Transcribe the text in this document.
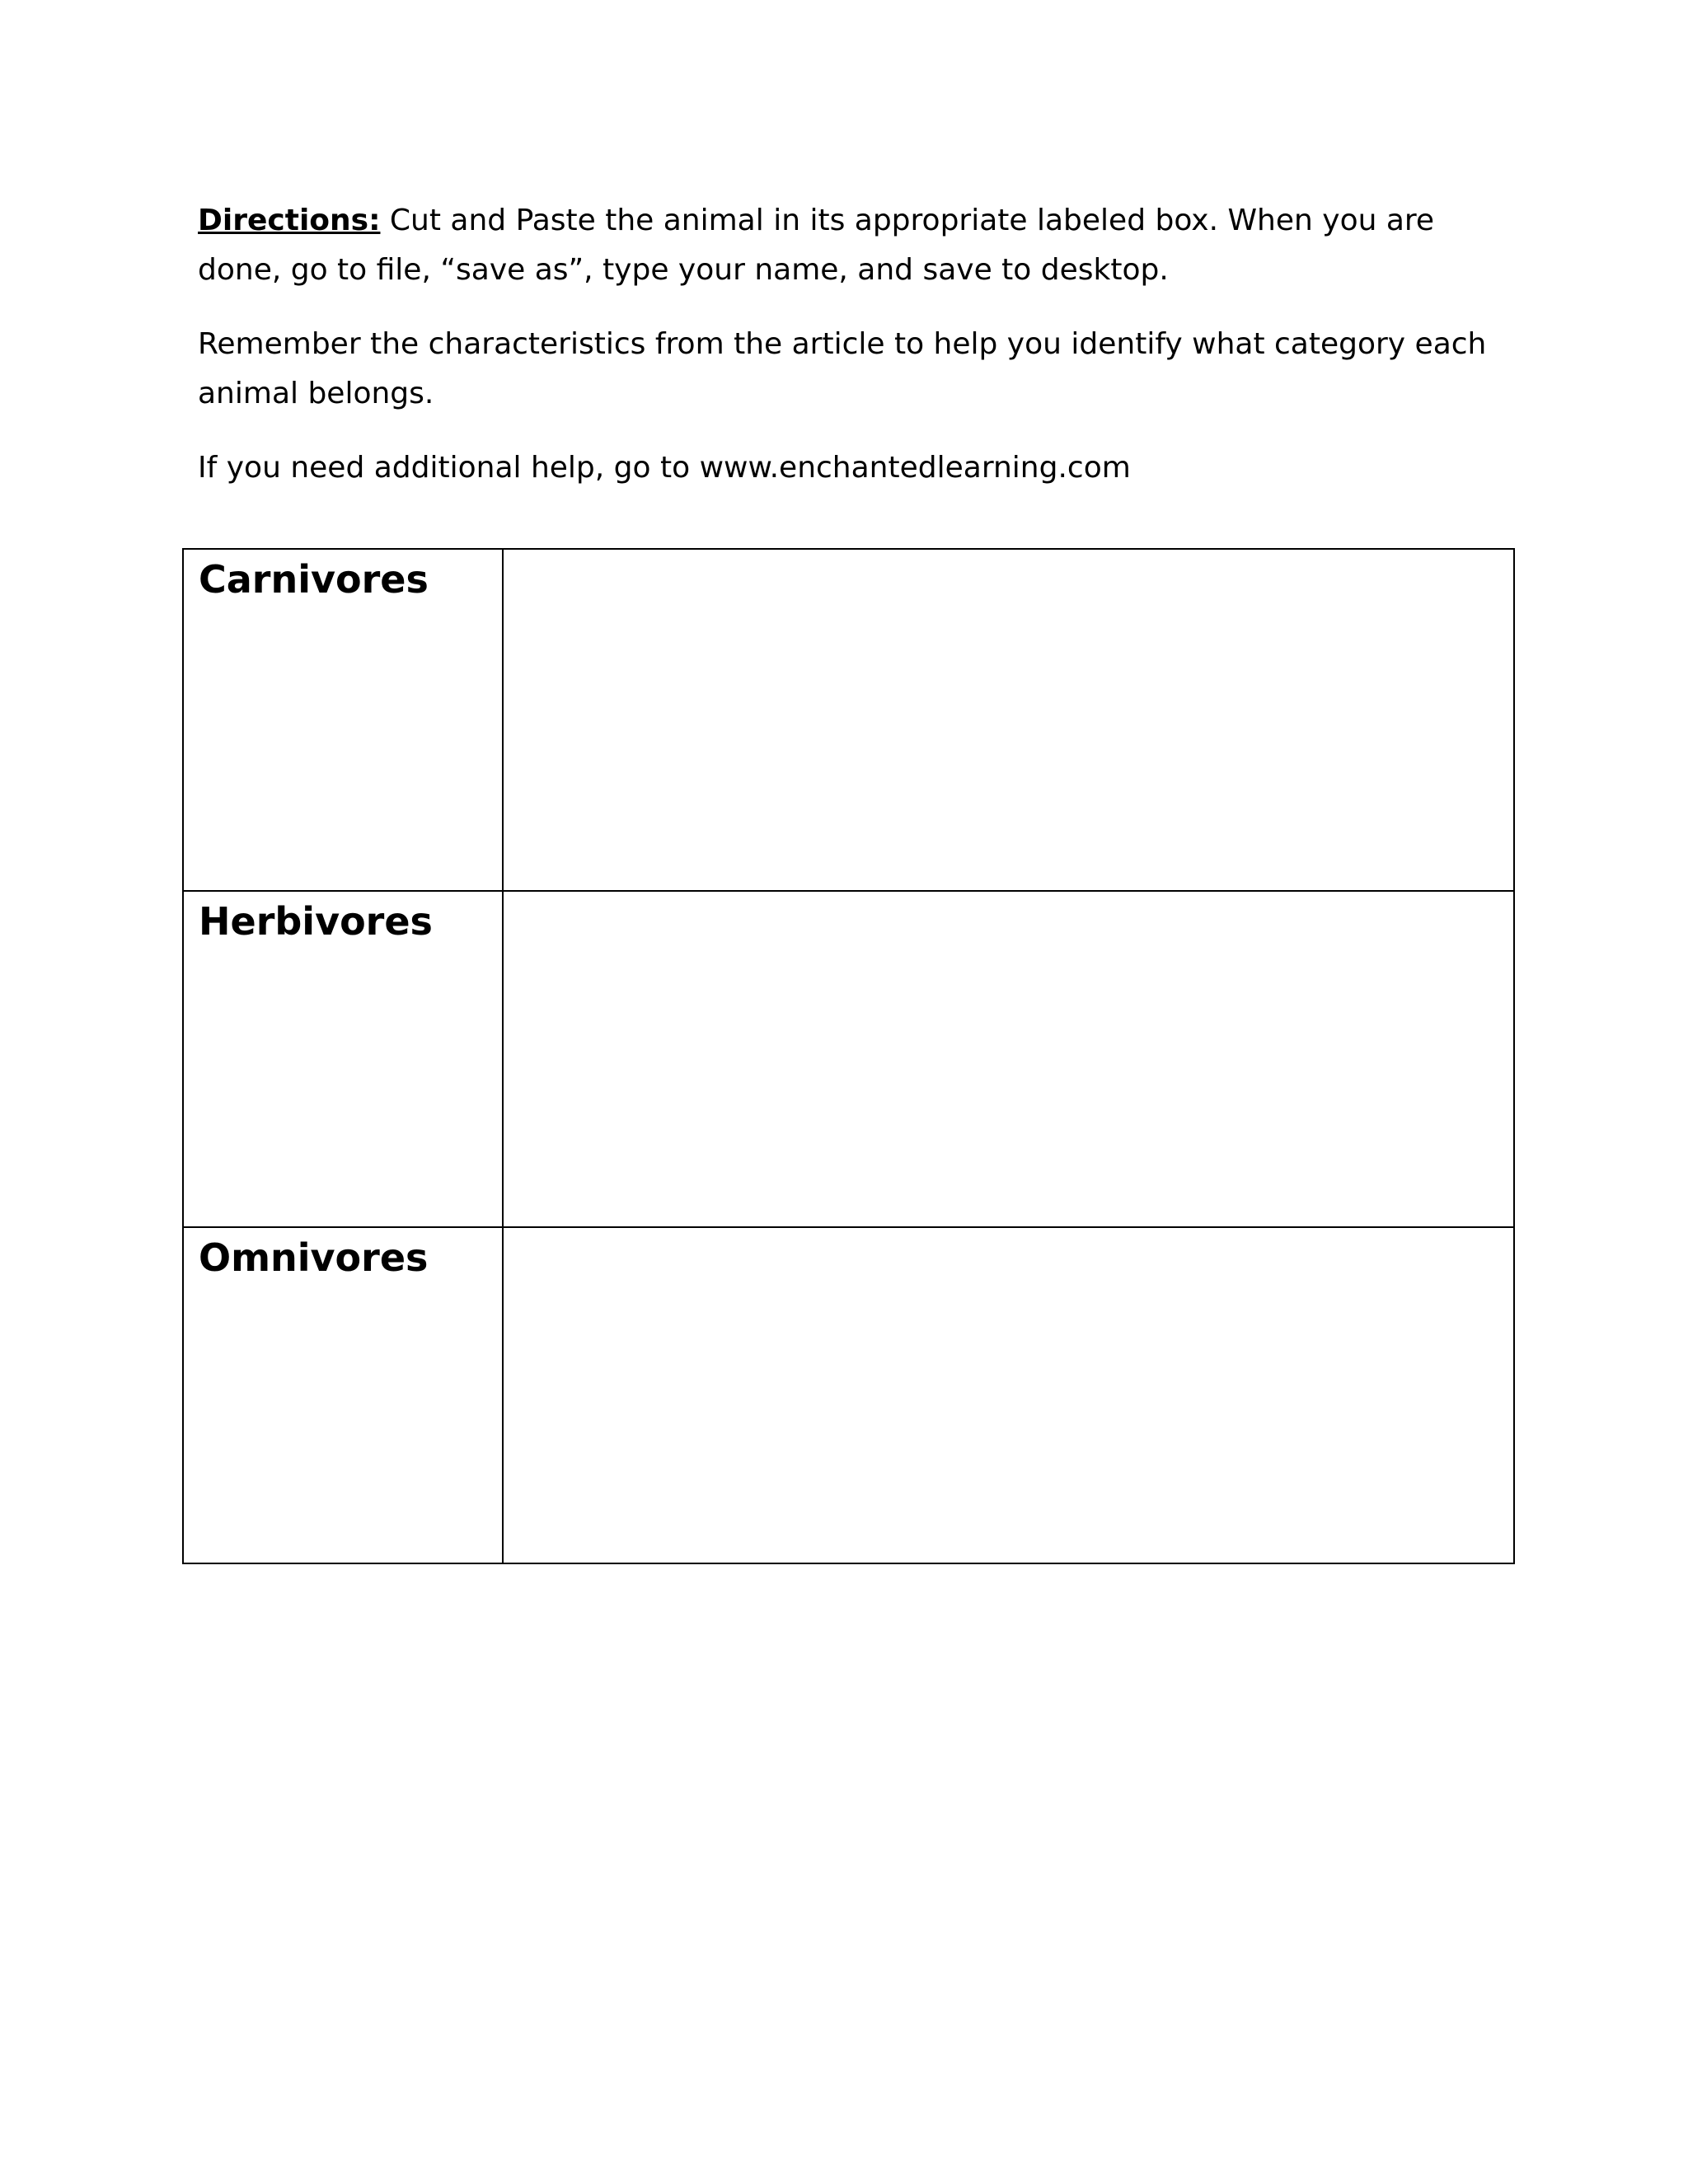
Directions: Cut and Paste the animal in its appropriate labeled box. When you are done, go to file, “save as”, type your name, and save to desktop.

Remember the characteristics from the article to help you identify what category each animal belongs.

If you need additional help, go to www.enchantedlearning.com

Carnivores	

Herbivores	

Omnivores	
